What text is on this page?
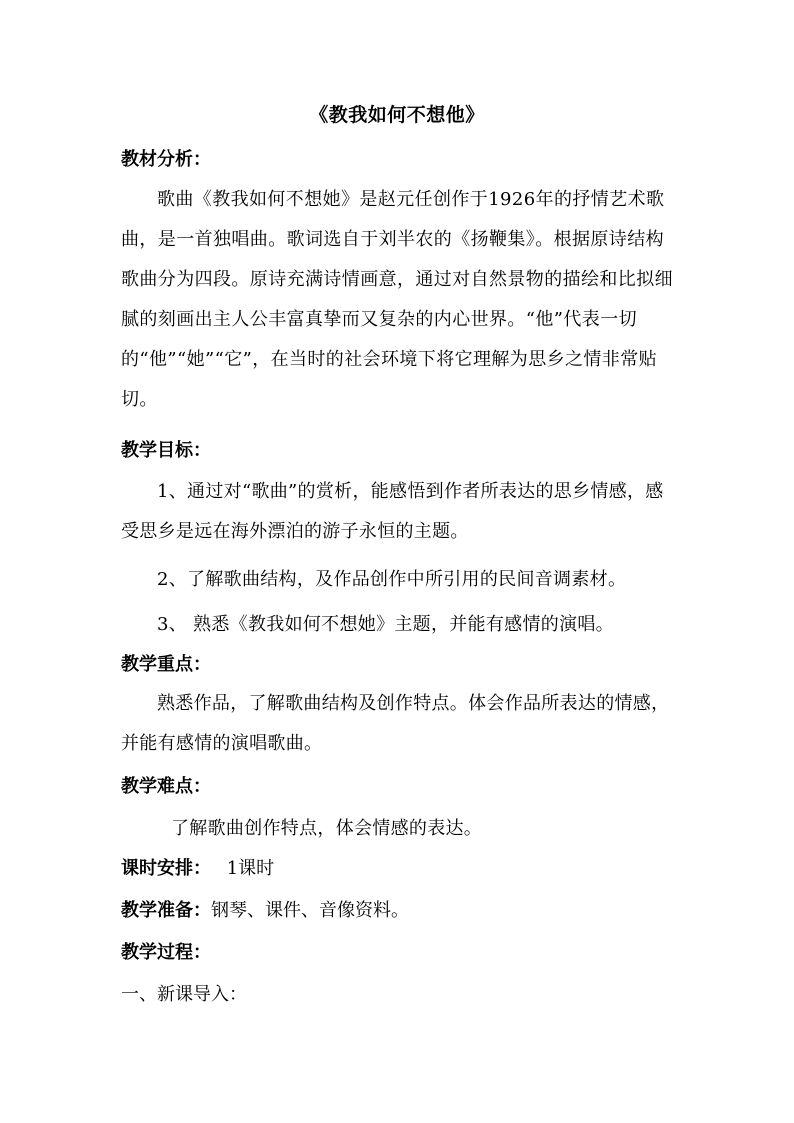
《教我如何不想他》
教材分析：
歌曲《教我如何不想她》是赵元任创作于1926年的抒情艺术歌曲，是一首独唱曲。歌词选自于刘半农的《扬鞭集》。根据原诗结构歌曲分为四段。原诗充满诗情画意，通过对自然景物的描绘和比拟细腻的刻画出主人公丰富真挚而又复杂的内心世界。“他”代表一切的“他”“她”“它”，在当时的社会环境下将它理解为思乡之情非常贴切。
教学目标：
1、通过对“歌曲”的赏析，能感悟到作者所表达的思乡情感，感受思乡是远在海外漂泊的游子永恒的主题。
2、了解歌曲结构，及作品创作中所引用的民间音调素材。
3、 熟悉《教我如何不想她》主题，并能有感情的演唱。
教学重点：
熟悉作品，了解歌曲结构及创作特点。体会作品所表达的情感，并能有感情的演唱歌曲。
教学难点：
了解歌曲创作特点，体会情感的表达。
课时安排： 1课时
教学准备：钢琴、课件、音像资料。
教学过程：
一、新课导入：
